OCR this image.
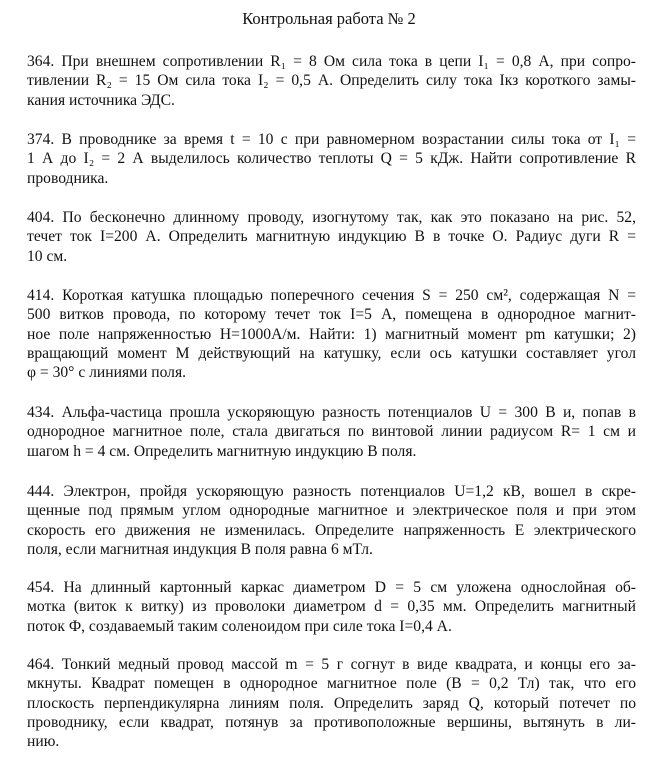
Контрольная работа № 2
364. При внешнем сопротивлении R₁ = 8 Ом сила тока в цепи I₁ = 0,8 А, при сопро-
тивлении R₂ = 15 Ом сила тока I₂ = 0,5 А. Определить силу тока Iкз короткого замы-
кания источника ЭДС.
374. В проводнике за время t = 10 с при равномерном возрастании силы тока от I₁ =
1 А до I₂ = 2 А выделилось количество теплоты Q = 5 кДж. Найти сопротивление R
проводника.
404. По бесконечно длинному проводу, изогнутому так, как это показано на рис. 52,
течет ток I=200 А. Определить магнитную индукцию В в точке О. Радиус дуги R =
10 см.
414. Короткая катушка площадью поперечного сечения S = 250 см², содержащая N =
500 витков провода, по которому течет ток I=5 А, помещена в однородное магнит-
ное поле напряженностью H=1000А/м. Найти: 1) магнитный момент pm катушки; 2)
вращающий момент М действующий на катушку, если ось катушки составляет угол
φ = 30° с линиями поля.
434. Альфа-частица прошла ускоряющую разность потенциалов U = 300 В и, попав в
однородное магнитное поле, стала двигаться по винтовой линии радиусом R= 1 см и
шагом h = 4 см. Определить магнитную индукцию В поля.
444. Электрон, пройдя ускоряющую разность потенциалов U=1,2 кВ, вошел в скре-
щенные под прямым углом однородные магнитное и электрическое поля и при этом
скорость его движения не изменилась. Определите напряженность Е электрического
поля, если магнитная индукция В поля равна 6 мТл.
454. На длинный картонный каркас диаметром D = 5 см уложена однослойная об-
мотка (виток к витку) из проволоки диаметром d = 0,35 мм. Определить магнитный
поток Ф, создаваемый таким соленоидом при силе тока I=0,4 А.
464. Тонкий медный провод массой m = 5 г согнут в виде квадрата, и концы его за-
мкнуты. Квадрат помещен в однородное магнитное поле (В = 0,2 Тл) так, что его
плоскость перпендикулярна линиям поля. Определить заряд Q, который потечет по
проводнику, если квадрат, потянув за противоположные вершины, вытянуть в ли-
нию.
